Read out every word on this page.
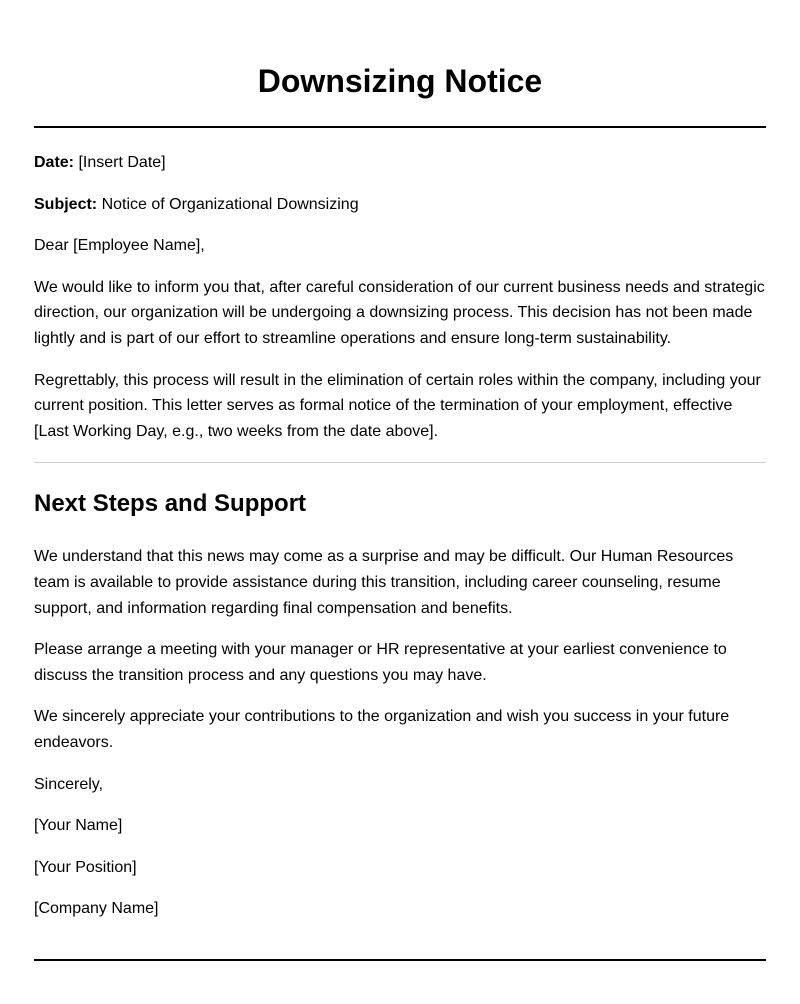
Downsizing Notice

Date: [Insert Date]

Subject: Notice of Organizational Downsizing

Dear [Employee Name],

We would like to inform you that, after careful consideration of our current business needs and strategic direction, our organization will be undergoing a downsizing process. This decision has not been made lightly and is part of our effort to streamline operations and ensure long-term sustainability.

Regrettably, this process will result in the elimination of certain roles within the company, including your current position. This letter serves as formal notice of the termination of your employment, effective [Last Working Day, e.g., two weeks from the date above].

Next Steps and Support

We understand that this news may come as a surprise and may be difficult. Our Human Resources team is available to provide assistance during this transition, including career counseling, resume support, and information regarding final compensation and benefits.

Please arrange a meeting with your manager or HR representative at your earliest convenience to discuss the transition process and any questions you may have.

We sincerely appreciate your contributions to the organization and wish you success in your future endeavors.

Sincerely,

[Your Name]

[Your Position]

[Company Name]
